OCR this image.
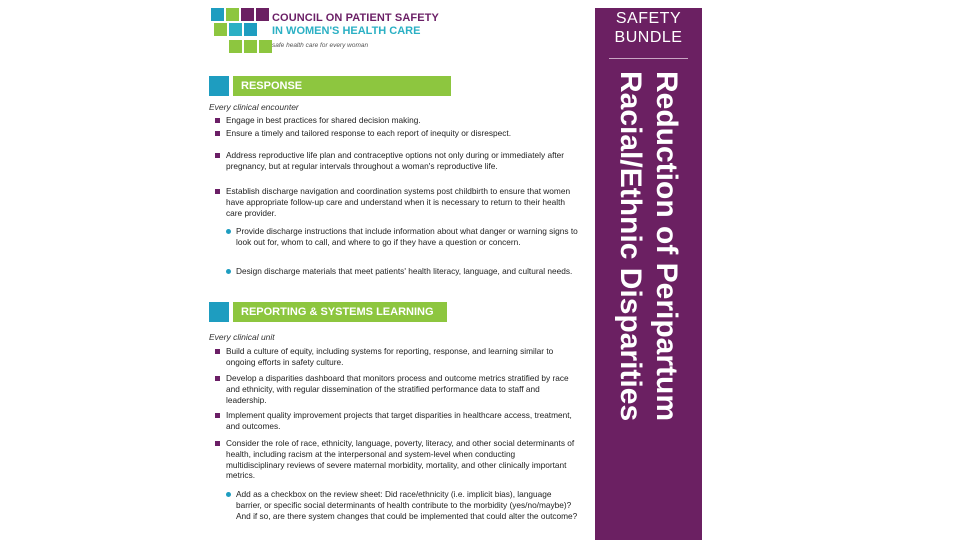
COUNCIL ON PATIENT SAFETY
IN WOMEN'S HEALTH CARE
safe health care for every woman
RESPONSE
Every clinical encounter
Engage in best practices for shared decision making.
Ensure a timely and tailored response to each report of inequity or disrespect.
Address reproductive life plan and contraceptive options not only during or immediately after pregnancy, but at regular intervals throughout a woman's reproductive life.
Establish discharge navigation and coordination systems post childbirth to ensure that women have appropriate follow-up care and understand when it is necessary to return to their health care provider.
Provide discharge instructions that include information about what danger or warning signs to look out for, whom to call, and where to go if they have a question or concern.
Design discharge materials that meet patients' health literacy, language, and cultural needs.
REPORTING & SYSTEMS LEARNING
Every clinical unit
Build a culture of equity, including systems for reporting, response, and learning similar to ongoing efforts in safety culture.
Develop a disparities dashboard that monitors process and outcome metrics stratified by race and ethnicity, with regular dissemination of the stratified performance data to staff and leadership.
Implement quality improvement projects that target disparities in healthcare access, treatment, and outcomes.
Consider the role of race, ethnicity, language, poverty, literacy, and other social determinants of health, including racism at the interpersonal and system-level when conducting multidisciplinary reviews of severe maternal morbidity, mortality, and other clinically important metrics.
Add as a checkbox on the review sheet: Did race/ethnicity (i.e. implicit bias), language barrier, or specific social determinants of health contribute to the morbidity (yes/no/maybe)? And if so, are there system changes that could be implemented that could alter the outcome?
SAFETY
BUNDLE
Reduction of Peripartum
Racial/Ethnic Disparities
